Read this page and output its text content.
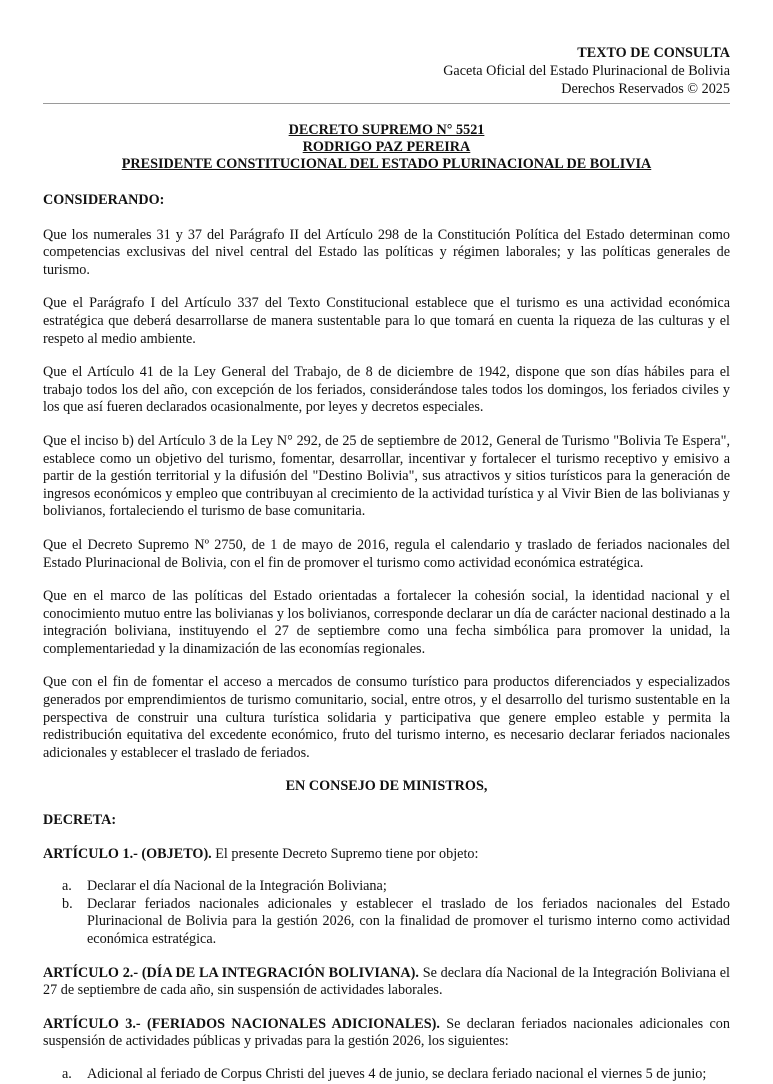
TEXTO DE CONSULTA
Gaceta Oficial del Estado Plurinacional de Bolivia
Derechos Reservados © 2025
DECRETO SUPREMO N° 5521
RODRIGO PAZ PEREIRA
PRESIDENTE CONSTITUCIONAL DEL ESTADO PLURINACIONAL DE BOLIVIA
CONSIDERANDO:

Que los numerales 31 y 37 del Parágrafo II del Artículo 298 de la Constitución Política del Estado determinan como competencias exclusivas del nivel central del Estado las políticas y régimen laborales; y las políticas generales de turismo.

Que el Parágrafo I del Artículo 337 del Texto Constitucional establece que el turismo es una actividad económica estratégica que deberá desarrollarse de manera sustentable para lo que tomará en cuenta la riqueza de las culturas y el respeto al medio ambiente.

Que el Artículo 41 de la Ley General del Trabajo, de 8 de diciembre de 1942, dispone que son días hábiles para el trabajo todos los del año, con excepción de los feriados, considerándose tales todos los domingos, los feriados civiles y los que así fueren declarados ocasionalmente, por leyes y decretos especiales.

Que el inciso b) del Artículo 3 de la Ley N° 292, de 25 de septiembre de 2012, General de Turismo "Bolivia Te Espera", establece como un objetivo del turismo, fomentar, desarrollar, incentivar y fortalecer el turismo receptivo y emisivo a partir de la gestión territorial y la difusión del "Destino Bolivia", sus atractivos y sitios turísticos para la generación de ingresos económicos y empleo que contribuyan al crecimiento de la actividad turística y al Vivir Bien de las bolivianas y bolivianos, fortaleciendo el turismo de base comunitaria.

Que el Decreto Supremo Nº 2750, de 1 de mayo de 2016, regula el calendario y traslado de feriados nacionales del Estado Plurinacional de Bolivia, con el fin de promover el turismo como actividad económica estratégica.

Que en el marco de las políticas del Estado orientadas a fortalecer la cohesión social, la identidad nacional y el conocimiento mutuo entre las bolivianas y los bolivianos, corresponde declarar un día de carácter nacional destinado a la integración boliviana, instituyendo el 27 de septiembre como una fecha simbólica para promover la unidad, la complementariedad y la dinamización de las economías regionales.

Que con el fin de fomentar el acceso a mercados de consumo turístico para productos diferenciados y especializados generados por emprendimientos de turismo comunitario, social, entre otros, y el desarrollo del turismo sustentable en la perspectiva de construir una cultura turística solidaria y participativa que genere empleo estable y permita la redistribución equitativa del excedente económico, fruto del turismo interno, es necesario declarar feriados nacionales adicionales y establecer el traslado de feriados.

EN CONSEJO DE MINISTROS,
DECRETA:

ARTÍCULO 1.- (OBJETO). El presente Decreto Supremo tiene por objeto:

a. Declarar el día Nacional de la Integración Boliviana;
b. Declarar feriados nacionales adicionales y establecer el traslado de los feriados nacionales del Estado Plurinacional de Bolivia para la gestión 2026, con la finalidad de promover el turismo interno como actividad económica estratégica.

ARTÍCULO 2.- (DÍA DE LA INTEGRACIÓN BOLIVIANA). Se declara día Nacional de la Integración Boliviana el 27 de septiembre de cada año, sin suspensión de actividades laborales.

ARTÍCULO 3.- (FERIADOS NACIONALES ADICIONALES). Se declaran feriados nacionales adicionales con suspensión de actividades públicas y privadas para la gestión 2026, los siguientes:

a. Adicional al feriado de Corpus Christi del jueves 4 de junio, se declara feriado nacional el viernes 5 de junio;
